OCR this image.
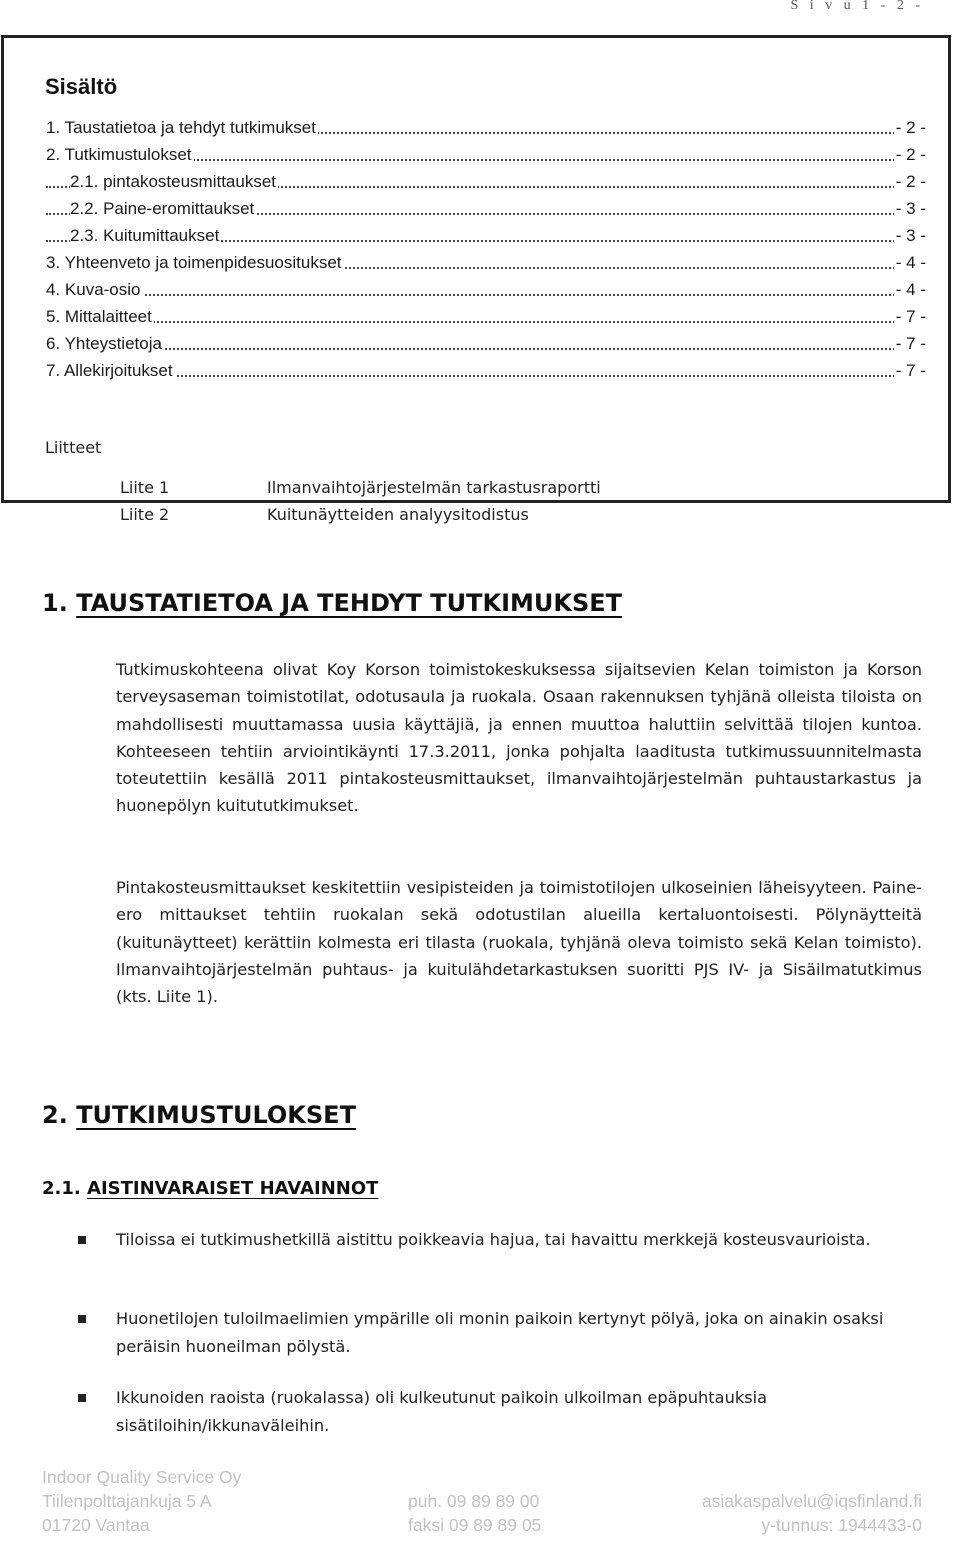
S i v u 1 - 2 -
Sisältö
1. Taustatietoa ja tehdyt tutkimukset	- 2 -
2. Tutkimustulokset	- 2 -
2.1. pintakosteusmittaukset	- 2 -
2.2. Paine-eromittaukset	- 3 -
2.3. Kuitumittaukset	- 3 -
3. Yhteenveto ja toimenpidesuositukset	- 4 -
4. Kuva-osio	- 4 -
5. Mittalaitteet	- 7 -
6. Yhteystietoja	- 7 -
7. Allekirjoitukset	- 7 -
Liitteet
Liite 1	Ilmanvaihtojärjestelmän tarkastusraportti
Liite 2	Kuitunäytteiden analyysitodistus
1. TAUSTATIETOA JA TEHDYT TUTKIMUKSET

Tutkimuskohteena olivat Koy Korson toimistokeskuksessa sijaitsevien Kelan toimiston ja Korson terveysaseman toimistotilat, odotusaula ja ruokala. Osaan rakennuksen tyhjänä olleista tiloista on mahdollisesti muuttamassa uusia käyttäjiä, ja ennen muuttoa haluttiin selvittää tilojen kuntoa. Kohteeseen tehtiin arviointikäynti 17.3.2011, jonka pohjalta laaditusta tutkimussuunnitelmasta toteutettiin kesällä 2011 pintakosteusmittaukset, ilmanvaihtojärjestelmän puhtaustarkastus ja huonepölyn kuitututkimukset.

Pintakosteusmittaukset keskitettiin vesipisteiden ja toimistotilojen ulkoseinien läheisyyteen. Paine-ero mittaukset tehtiin ruokalan sekä odotustilan alueilla kertaluontoisesti. Pölynäytteitä (kuitunäytteet) kerättiin kolmesta eri tilasta (ruokala, tyhjänä oleva toimisto sekä Kelan toimisto). Ilmanvaihtojärjestelmän puhtaus- ja kuitulähdetarkastuksen suoritti PJS IV- ja Sisäilmatutkimus (kts. Liite 1).

2. TUTKIMUSTULOKSET
2.1. AISTINVARAISET HAVAINNOT
Tiloissa ei tutkimushetkillä aistittu poikkeavia hajua, tai havaittu merkkejä kosteusvaurioista.
Huonetilojen tuloilmaelimien ympärille oli monin paikoin kertynyt pölyä, joka on ainakin osaksi peräisin huoneilman pölystä.
Ikkunoiden raoista (ruokalassa) oli kulkeutunut paikoin ulkoilman epäpuhtauksia sisätiloihin/ikkunaväleihin.
Indoor Quality Service Oy
Tiilenpolttajankuja 5 A	puh. 09 89 89 00	asiakaspalvelu@iqsfinland.fi
01720 Vantaa	faksi 09 89 89 05	y-tunnus: 1944433-0
